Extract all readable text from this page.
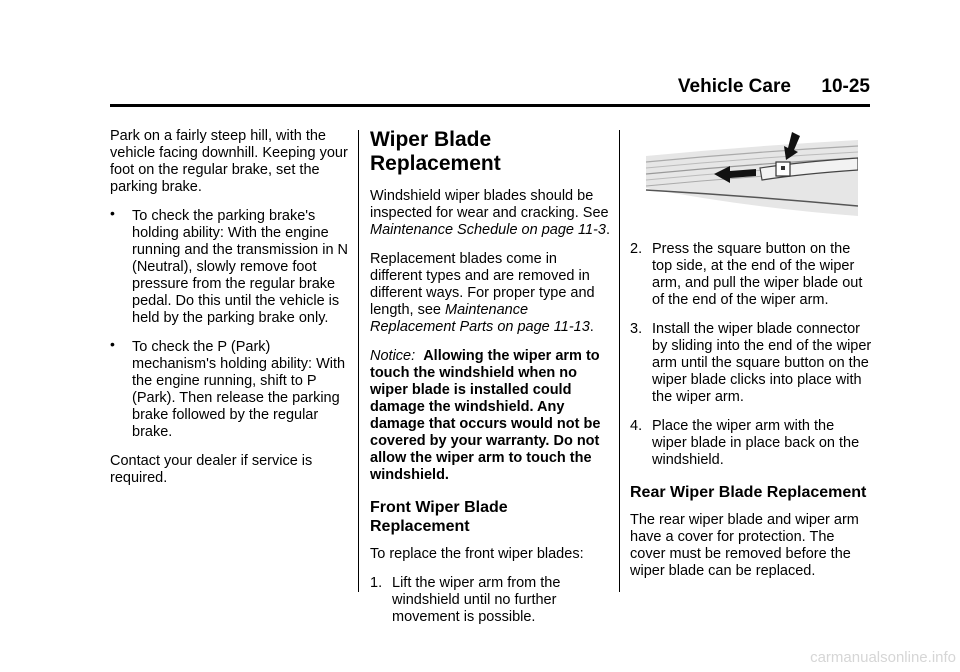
Vehicle Care 10-25

Park on a fairly steep hill, with the vehicle facing downhill. Keeping your foot on the regular brake, set the parking brake.

• To check the parking brake's holding ability: With the engine running and the transmission in N (Neutral), slowly remove foot pressure from the regular brake pedal. Do this until the vehicle is held by the parking brake only.
• To check the P (Park) mechanism's holding ability: With the engine running, shift to P (Park). Then release the parking brake followed by the regular brake.

Contact your dealer if service is required.

Wiper Blade Replacement

Windshield wiper blades should be inspected for wear and cracking. See Maintenance Schedule on page 11-3.

Replacement blades come in different types and are removed in different ways. For proper type and length, see Maintenance Replacement Parts on page 11-13.

Notice: Allowing the wiper arm to touch the windshield when no wiper blade is installed could damage the windshield. Any damage that occurs would not be covered by your warranty. Do not allow the wiper arm to touch the windshield.

Front Wiper Blade Replacement

To replace the front wiper blades:

1. Lift the wiper arm from the windshield until no further movement is possible.
2. Press the square button on the top side, at the end of the wiper arm, and pull the wiper blade out of the end of the wiper arm.
3. Install the wiper blade connector by sliding into the end of the wiper arm until the square button on the wiper blade clicks into place with the wiper arm.
4. Place the wiper arm with the wiper blade in place back on the windshield.
Rear Wiper Blade Replacement

The rear wiper blade and wiper arm have a cover for protection. The cover must be removed before the wiper blade can be replaced.

carmanualsonline.info
